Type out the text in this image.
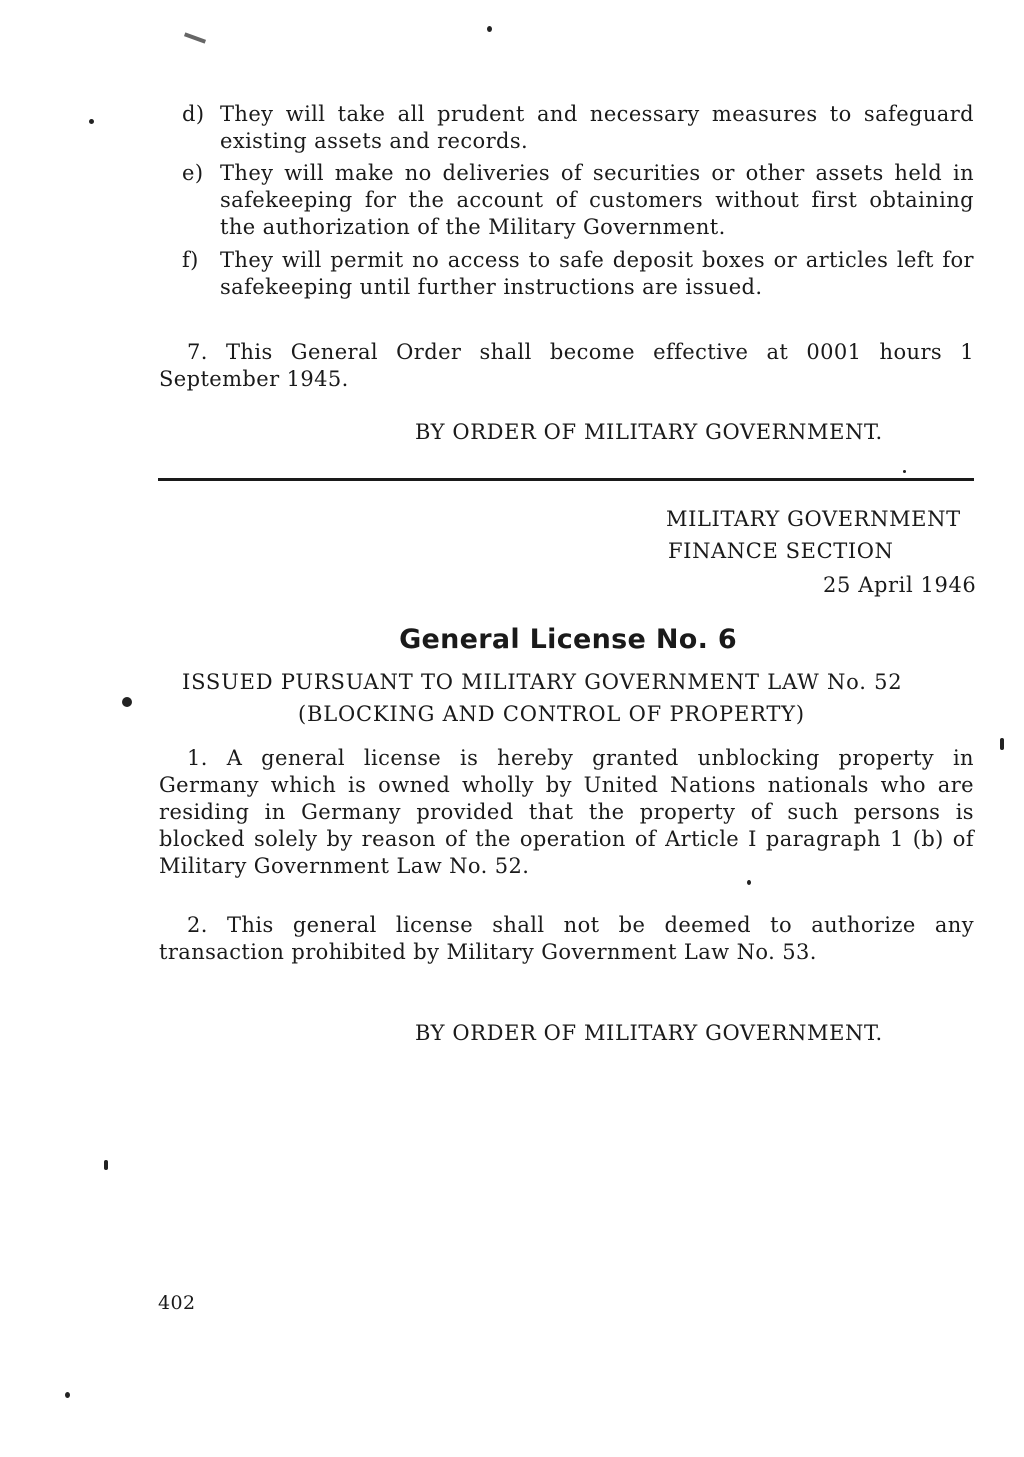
d) They will take all prudent and necessary measures to safeguard existing assets and records.
e) They will make no deliveries of securities or other assets held in safekeeping for the account of customers without first obtaining the authorization of the Military Government.
f) They will permit no access to safe deposit boxes or articles left for safekeeping until further instructions are issued.
7. This General Order shall become effective at 0001 hours 1 September 1945.
BY ORDER OF MILITARY GOVERNMENT.
MILITARY GOVERNMENT
FINANCE SECTION
25 April 1946
General License No. 6
ISSUED PURSUANT TO MILITARY GOVERNMENT LAW No. 52
(BLOCKING AND CONTROL OF PROPERTY)
1. A general license is hereby granted unblocking property in Germany which is owned wholly by United Nations nationals who are residing in Germany provided that the property of such persons is blocked solely by reason of the operation of Article I paragraph 1 (b) of Military Government Law No. 52.
2. This general license shall not be deemed to authorize any transaction prohibited by Military Government Law No. 53.
BY ORDER OF MILITARY GOVERNMENT.
402
